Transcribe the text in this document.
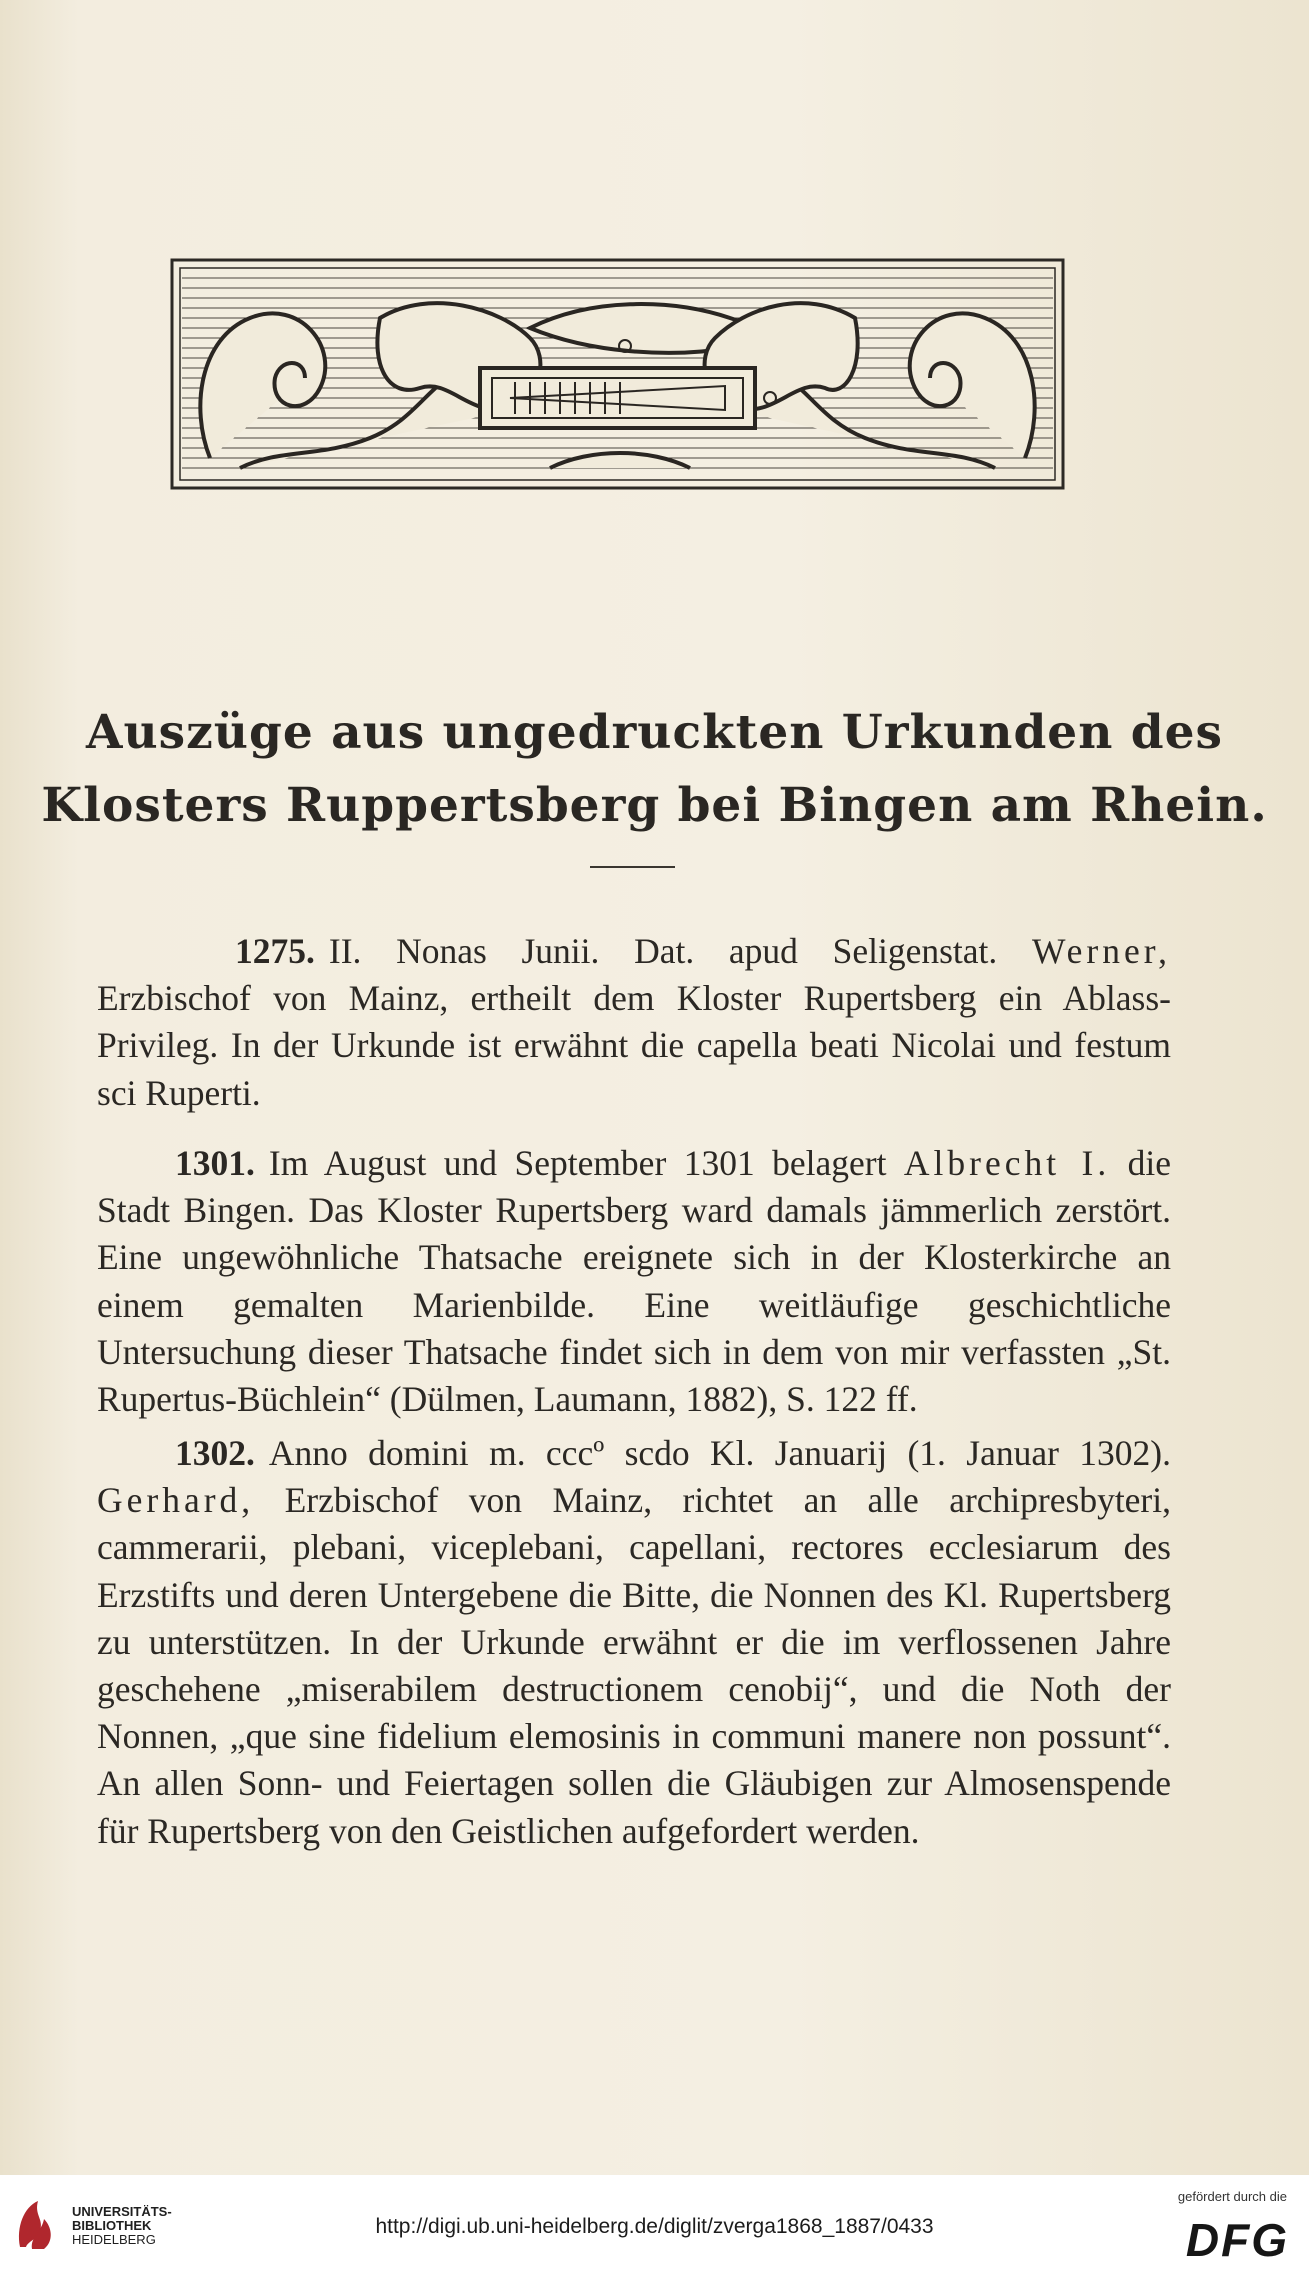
Auszüge aus ungedruckten Urkunden des
Klosters Ruppertsberg bei Bingen am Rhein.
1275. II. Nonas Junii. Dat. apud Seligenstat. Werner, Erzbischof von Mainz, ertheilt dem Kloster Rupertsberg ein Ablass-Privileg. In der Urkunde ist erwähnt die capella beati Nicolai und festum sci Ruperti.
1301. Im August und September 1301 belagert Albrecht I. die Stadt Bingen. Das Kloster Rupertsberg ward damals jämmerlich zerstört. Eine ungewöhnliche Thatsache ereignete sich in der Klosterkirche an einem gemalten Marienbilde. Eine weitläufige geschichtliche Untersuchung dieser Thatsache findet sich in dem von mir verfassten „St. Rupertus-Büchlein“ (Dülmen, Laumann, 1882), S. 122 ff.
1302. Anno domini m. cccº scdo Kl. Januarij (1. Januar 1302). Gerhard, Erzbischof von Mainz, richtet an alle archipresbyteri, cammerarii, plebani, viceplebani, capellani, rectores ecclesiarum des Erzstifts und deren Untergebene die Bitte, die Nonnen des Kl. Rupertsberg zu unterstützen. In der Urkunde erwähnt er die im verflossenen Jahre geschehene „miserabilem destructionem cenobij“, und die Noth der Nonnen, „que sine fidelium elemosinis in communi manere non possunt“. An allen Sonn- und Feiertagen sollen die Gläubigen zur Almosenspende für Rupertsberg von den Geistlichen aufgefordert werden.
UNIVERSITÄTS-
BIBLIOTHEK
HEIDELBERG
http://digi.ub.uni-heidelberg.de/diglit/zverga1868_1887/0433
gefördert durch die
DFG
